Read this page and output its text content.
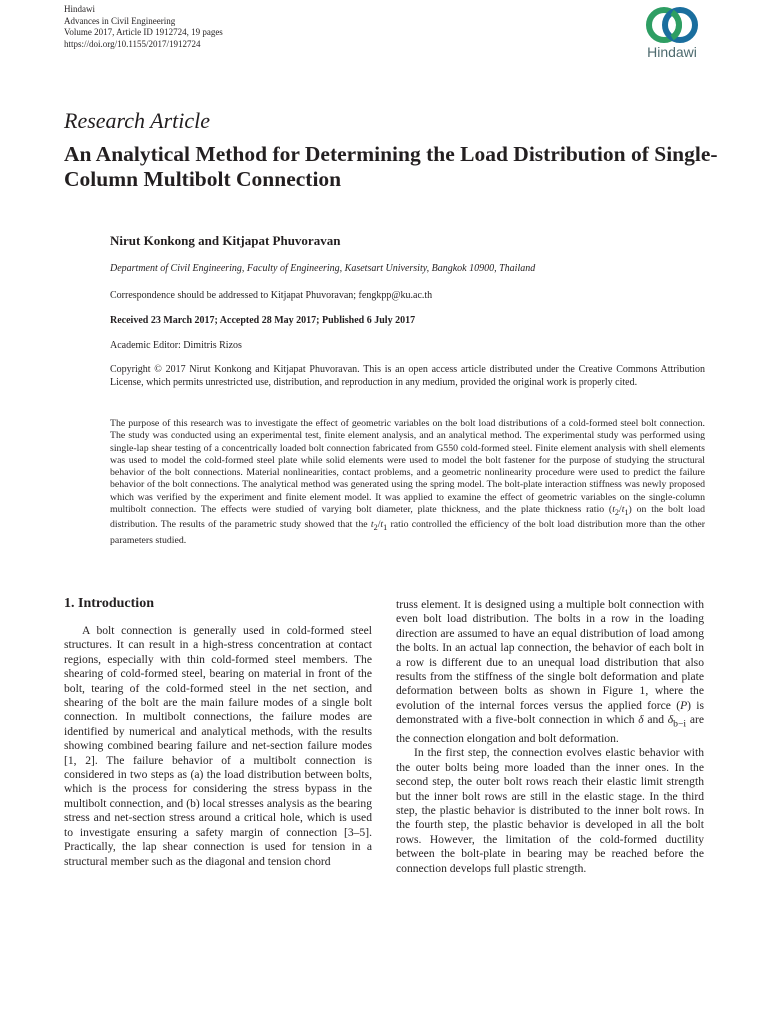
Hindawi
Advances in Civil Engineering
Volume 2017, Article ID 1912724, 19 pages
https://doi.org/10.1155/2017/1912724
Hindawi
Research Article
An Analytical Method for Determining the Load Distribution of Single-Column Multibolt Connection
Nirut Konkong and Kitjapat Phuvoravan
Department of Civil Engineering, Faculty of Engineering, Kasetsart University, Bangkok 10900, Thailand
Correspondence should be addressed to Kitjapat Phuvoravan; fengkpp@ku.ac.th
Received 23 March 2017; Accepted 28 May 2017; Published 6 July 2017
Academic Editor: Dimitris Rizos
Copyright © 2017 Nirut Konkong and Kitjapat Phuvoravan. This is an open access article distributed under the Creative Commons Attribution License, which permits unrestricted use, distribution, and reproduction in any medium, provided the original work is properly cited.

The purpose of this research was to investigate the effect of geometric variables on the bolt load distributions of a cold-formed steel bolt connection. The study was conducted using an experimental test, finite element analysis, and an analytical method. The experimental study was performed using single-lap shear testing of a concentrically loaded bolt connection fabricated from G550 cold-formed steel. Finite element analysis with shell elements was used to model the cold-formed steel plate while solid elements were used to model the bolt fastener for the purpose of studying the structural behavior of the bolt connections. Material nonlinearities, contact problems, and a geometric nonlinearity procedure were used to predict the failure behavior of the bolt connections. The analytical method was generated using the spring model. The bolt-plate interaction stiffness was newly proposed which was verified by the experiment and finite element model. It was applied to examine the effect of geometric variables on the single-column multibolt connection. The effects were studied of varying bolt diameter, plate thickness, and the plate thickness ratio $(t_2/t_1)$ on the bolt load distribution. The results of the parametric study showed that the $t_2/t_1$ ratio controlled the efficiency of the bolt load distribution more than the other parameters studied.

1. Introduction

A bolt connection is generally used in cold-formed steel structures. It can result in a high-stress concentration at contact regions, especially with thin cold-formed steel members. The shearing of cold-formed steel, bearing on material in front of the bolt, tearing of the cold-formed steel in the net section, and shearing of the bolt are the main failure modes of a single bolt connection. In multibolt connections, the failure modes are identified by numerical and analytical methods, with the results showing combined bearing failure and net-section failure modes [1, 2]. The failure behavior of a multibolt connection is considered in two steps as (a) the load distribution between bolts, which is the process for considering the stress bypass in the multibolt connection, and (b) local stresses analysis as the bearing stress and net-section stress around a critical hole, which is used to investigate ensuring a safety margin of connection [3–5]. Practically, the lap shear connection is used for tension in a structural member such as the diagonal and tension chord

truss element. It is designed using a multiple bolt connection with even bolt load distribution. The bolts in a row in the loading direction are assumed to have an equal distribution of load among the bolts. In an actual lap connection, the behavior of each bolt in a row is different due to an unequal load distribution that also results from the stiffness of the single bolt deformation and plate deformation between bolts as shown in Figure 1, where the evolution of the internal forces versus the applied force (P) is demonstrated with a five-bolt connection in which δ and $\delta_{b-i}$ are the connection elongation and bolt deformation.

In the first step, the connection evolves elastic behavior with the outer bolts being more loaded than the inner ones. In the second step, the outer bolt rows reach their elastic limit strength but the inner bolt rows are still in the elastic stage. In the third step, the plastic behavior is distributed to the inner bolt rows. In the fourth step, the plastic behavior is developed in all the bolt rows. However, the limitation of the cold-formed ductility between the bolt-plate in bearing may be reached before the connection develops full plastic strength.
